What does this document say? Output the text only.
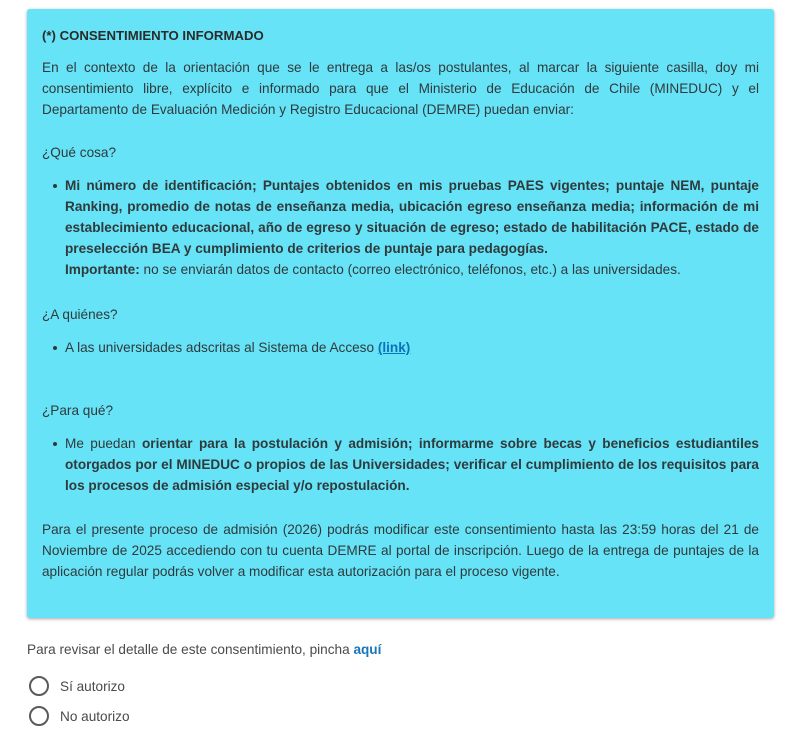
(*) CONSENTIMIENTO INFORMADO

En el contexto de la orientación que se le entrega a las/os postulantes, al marcar la siguiente casilla, doy mi consentimiento libre, explícito e informado para que el Ministerio de Educación de Chile (MINEDUC) y el Departamento de Evaluación Medición y Registro Educacional (DEMRE) puedan enviar:

¿Qué cosa?

Mi número de identificación; Puntajes obtenidos en mis pruebas PAES vigentes; puntaje NEM, puntaje Ranking, promedio de notas de enseñanza media, ubicación egreso enseñanza media; información de mi establecimiento educacional, año de egreso y situación de egreso; estado de habilitación PACE, estado de preselección BEA y cumplimiento de criterios de puntaje para pedagogías.
Importante: no se enviarán datos de contacto (correo electrónico, teléfonos, etc.) a las universidades.

¿A quiénes?

A las universidades adscritas al Sistema de Acceso (link)

¿Para qué?

Me puedan orientar para la postulación y admisión; informarme sobre becas y beneficios estudiantiles otorgados por el MINEDUC o propios de las Universidades; verificar el cumplimiento de los requisitos para los procesos de admisión especial y/o repostulación.

Para el presente proceso de admisión (2026) podrás modificar este consentimiento hasta las 23:59 horas del 21 de Noviembre de 2025 accediendo con tu cuenta DEMRE al portal de inscripción. Luego de la entrega de puntajes de la aplicación regular podrás volver a modificar esta autorización para el proceso vigente.

Para revisar el detalle de este consentimiento, pincha aquí
Sí autorizo
No autorizo
